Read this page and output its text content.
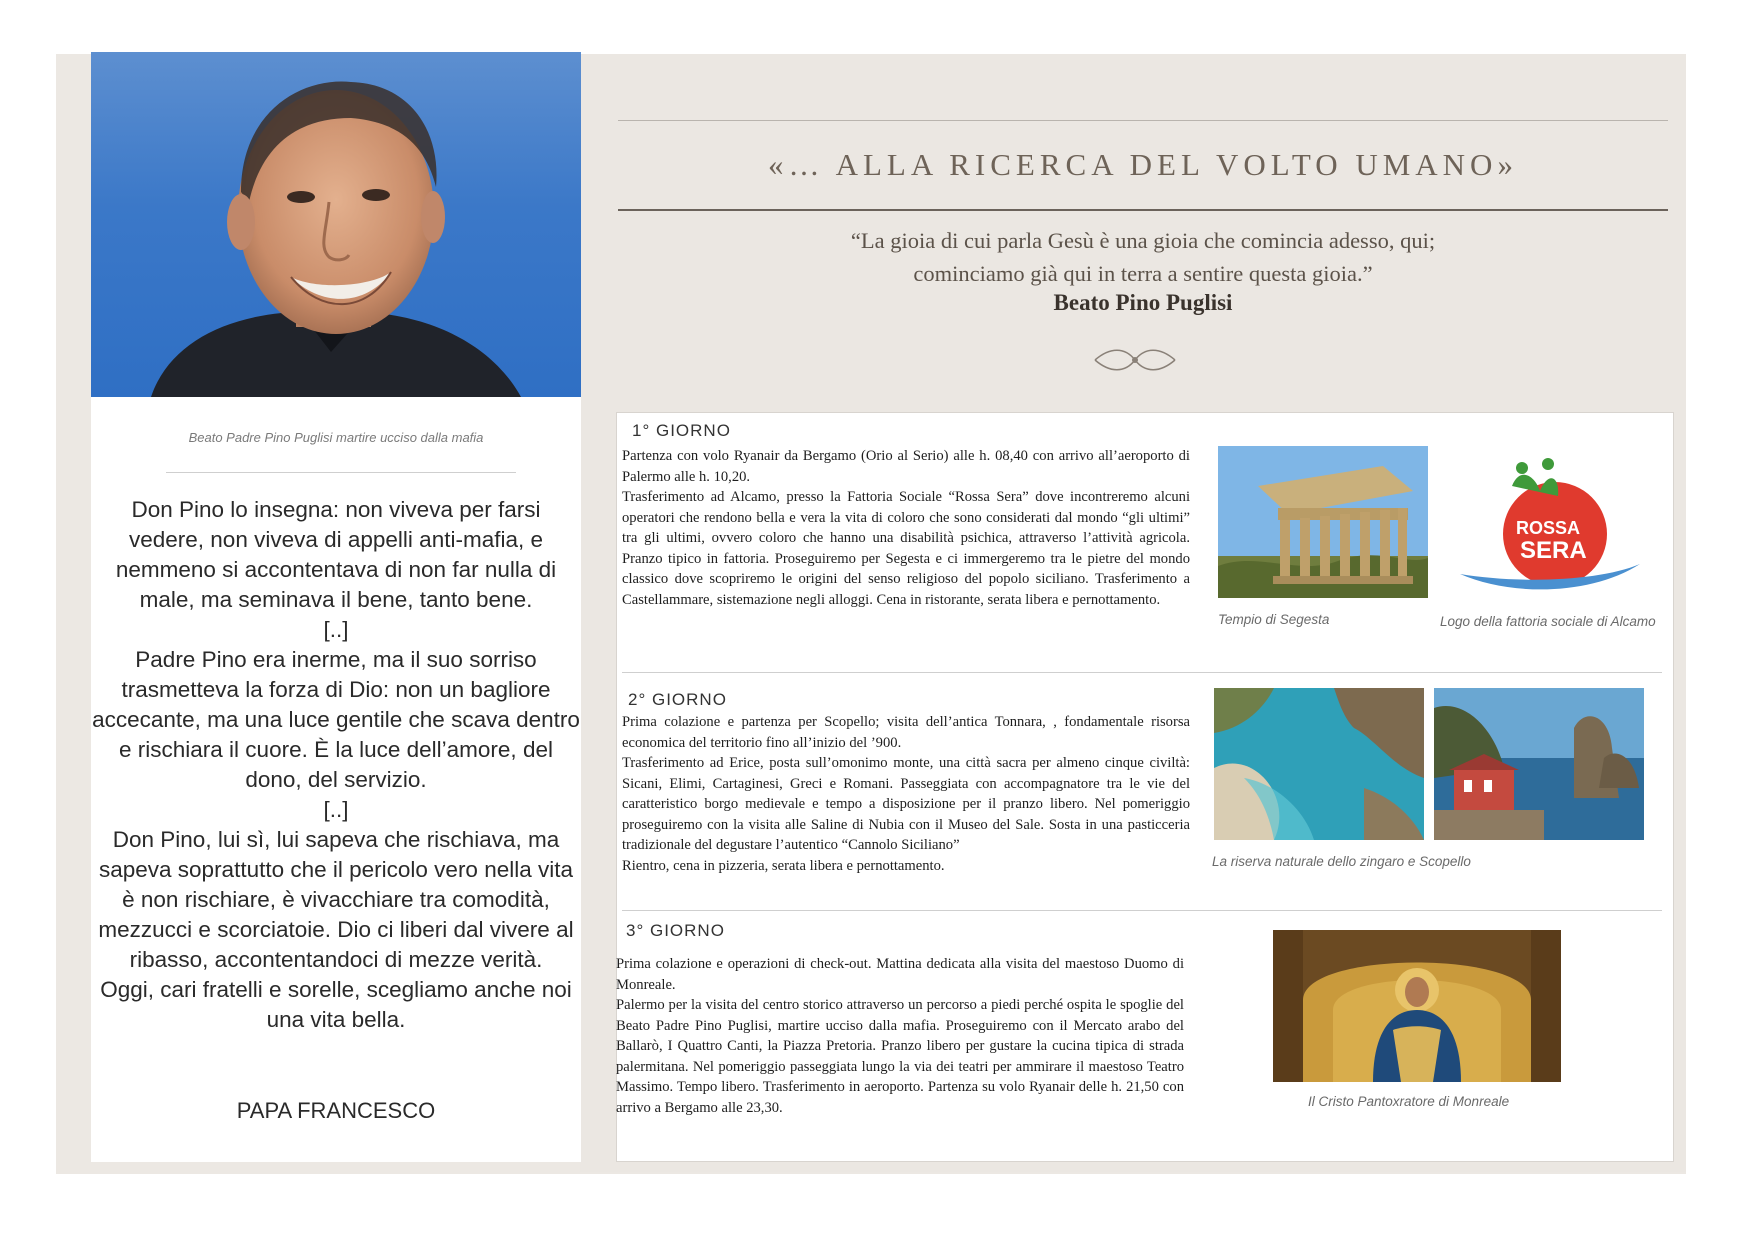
Beato Padre Pino Puglisi martire ucciso dalla mafia

Don Pino lo insegna: non viveva per farsi vedere, non viveva di appelli anti-mafia, e nemmeno si accontentava di non far nulla di male, ma seminava il bene, tanto bene.

[..]

Padre Pino era inerme, ma il suo sorriso trasmetteva la forza di Dio: non un bagliore accecante, ma una luce gentile che scava dentro e rischiara il cuore. È la luce dell’amore, del dono, del servizio.

[..]

Don Pino, lui sì, lui sapeva che rischiava, ma sapeva soprattutto che il pericolo vero nella vita è non rischiare, è vivacchiare tra comodità, mezzucci e scorciatoie. Dio ci liberi dal vivere al ribasso, accontentandoci di mezze verità.

Oggi, cari fratelli e sorelle, scegliamo anche noi una vita bella.

PAPA FRANCESCO
«… ALLA RICERCA DEL VOLTO UMANO»
“La gioia di cui parla Gesù è una gioia che comincia adesso, qui;
cominciamo già qui in terra a sentire questa gioia.”
Beato Pino Puglisi
1° GIORNO

Partenza con volo Ryanair da Bergamo (Orio al Serio) alle h. 08,40 con arrivo all’aeroporto di Palermo alle h. 10,20.

Trasferimento ad Alcamo, presso la Fattoria Sociale “Rossa Sera” dove incontreremo alcuni operatori che rendono bella e vera la vita di coloro che sono considerati dal mondo “gli ultimi” tra gli ultimi, ovvero coloro che hanno una disabilità psichica, attraverso l’attività agricola. Pranzo tipico in fattoria. Proseguiremo per Segesta e ci immergeremo tra le pietre del mondo classico dove scopriremo le origini del senso religioso del popolo siciliano. Trasferimento a Castellammare, sistemazione negli alloggi. Cena in ristorante, serata libera e pernottamento.

Tempio di Segesta
ROSSA
SERA
Logo della fattoria sociale di Alcamo
2° GIORNO

Prima colazione e partenza per Scopello; visita dell’antica Tonnara, , fondamentale risorsa economica del territorio fino all’inizio del ’900.

Trasferimento ad Erice, posta sull’omonimo monte, una città sacra per almeno cinque civiltà: Sicani, Elimi, Cartaginesi, Greci e Romani. Passeggiata con accompagnatore tra le vie del caratteristico borgo medievale e tempo a disposizione per il pranzo libero. Nel pomeriggio proseguiremo con la visita alle Saline di Nubia con il Museo del Sale. Sosta in una pasticceria tradizionale del degustare l’autentico “Cannolo Siciliano”

Rientro, cena in pizzeria, serata libera e pernottamento.	La riserva naturale dello zingaro e Scopello
3° GIORNO

Prima colazione e operazioni di check-out. Mattina dedicata alla visita del maestoso Duomo di Monreale.

Palermo per la visita del centro storico attraverso un percorso a piedi perché ospita le spoglie del Beato Padre Pino Puglisi, martire ucciso dalla mafia. Proseguiremo con il Mercato arabo del Ballarò, I Quattro Canti, la Piazza Pretoria. Pranzo libero per gustare la cucina tipica di strada palermitana. Nel pomeriggio passeggiata lungo la via dei teatri per ammirare il maestoso Teatro Massimo. Tempo libero. Trasferimento in aeroporto. Partenza su volo Ryanair delle h. 21,50 con arrivo a Bergamo alle 23,30.	Il Cristo Pantoxratore di Monreale
